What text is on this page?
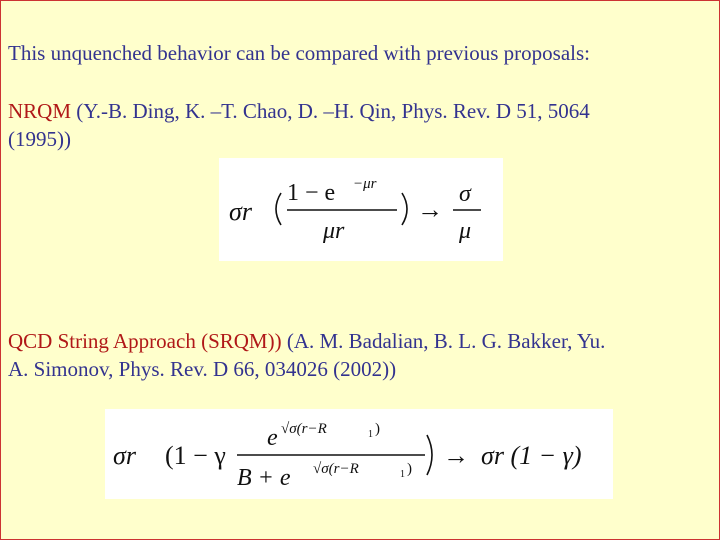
This unquenched behavior can be compared with previous proposals:
NRQM (Y.-B. Ding, K. –T. Chao, D. –H. Qin, Phys. Rev. D 51, 5064
(1995))
σr
1 − e −μr
μr
→
σ
μ
QCD String Approach (SRQM)) (A. M. Badalian, B. L. G. Bakker, Yu.
A. Simonov, Phys. Rev. D 66, 034026 (2002))
σr (1 − γ
e √σ(r−R	1 )
B + e √σ(r−R	1 ) → σr (1 − γ)
